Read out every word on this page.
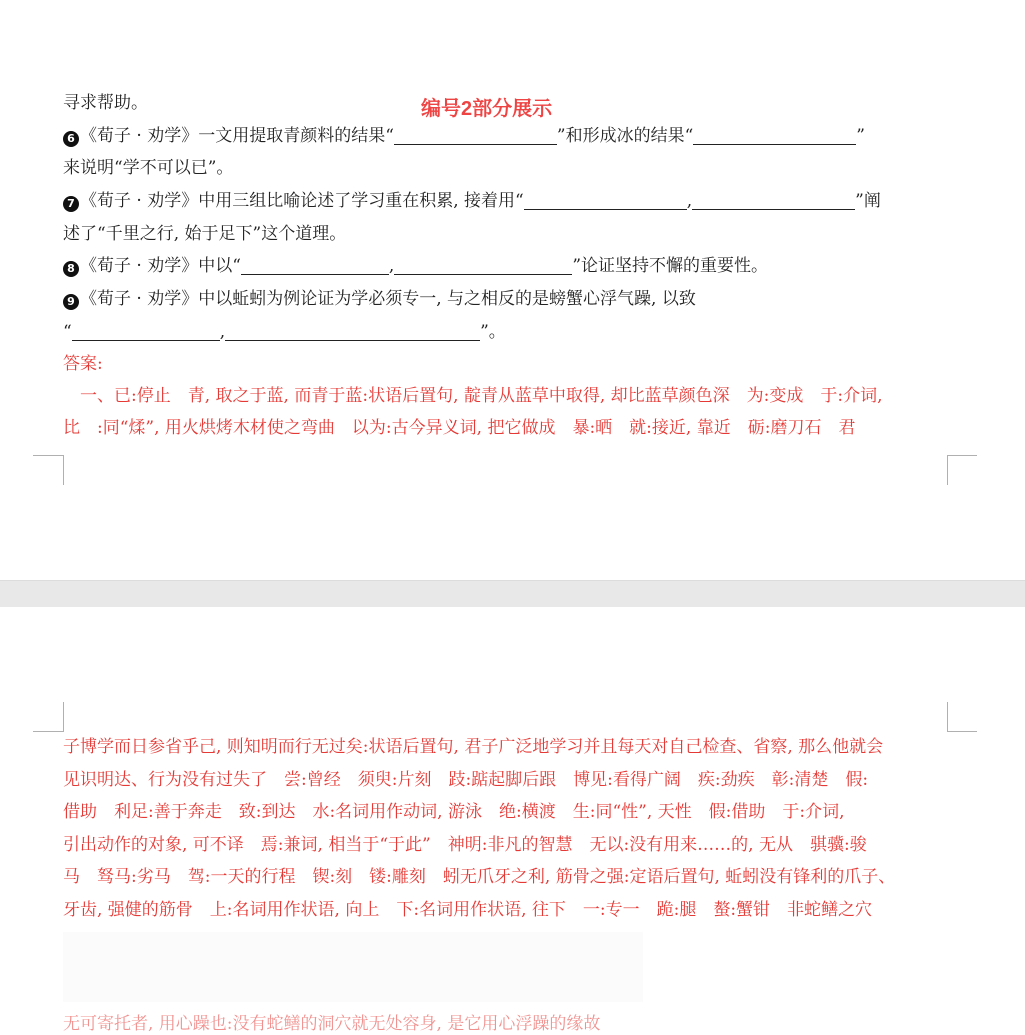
编号2部分展示
寻求帮助。
6 《荀子 · 劝学》一文用提取青颜料的结果“	”和形成冰的结果“	”
来说明“学不可以已”。
7 《荀子 · 劝学》中用三组比喻论述了学习重在积累, 接着用“	,	”阐
述了“千里之行, 始于足下”这个道理。
8 《荀子 · 劝学》中以“	,	”论证坚持不懈的重要性。
9 《荀子 · 劝学》中以蚯蚓为例论证为学必须专一, 与之相反的是螃蟹心浮气躁, 以致
“	,	”。
答案:
一、已:停止　青, 取之于蓝, 而青于蓝:状语后置句, 靛青从蓝草中取得, 却比蓝草颜色深　为:变成　于:介词,
比　:同“煣”, 用火烘烤木材使之弯曲　以为:古今异义词, 把它做成　暴:晒　就:接近, 靠近　砺:磨刀石　君
子博学而日参省乎己, 则知明而行无过矣:状语后置句, 君子广泛地学习并且每天对自己检查、省察, 那么他就会
见识明达、行为没有过失了　尝:曾经　须臾:片刻　跂:踮起脚后跟　博见:看得广阔　疾:劲疾　彰:清楚　假:
借助　利足:善于奔走　致:到达　水:名词用作动词, 游泳　绝:横渡　生:同“性”, 天性　假:借助　于:介词,
引出动作的对象, 可不译　焉:兼词, 相当于“于此”　神明:非凡的智慧　无以:没有用来……的, 无从　骐骥:骏
马　驽马:劣马　驾:一天的行程　锲:刻　镂:雕刻　蚓无爪牙之利, 筋骨之强:定语后置句, 蚯蚓没有锋利的爪子、
牙齿, 强健的筋骨　上:名词用作状语, 向上　下:名词用作状语, 往下　一:专一　跪:腿　螯:蟹钳　非蛇鳝之穴
无可寄托者, 用心躁也:没有蛇鳝的洞穴就无处容身, 是它用心浮躁的缘故
